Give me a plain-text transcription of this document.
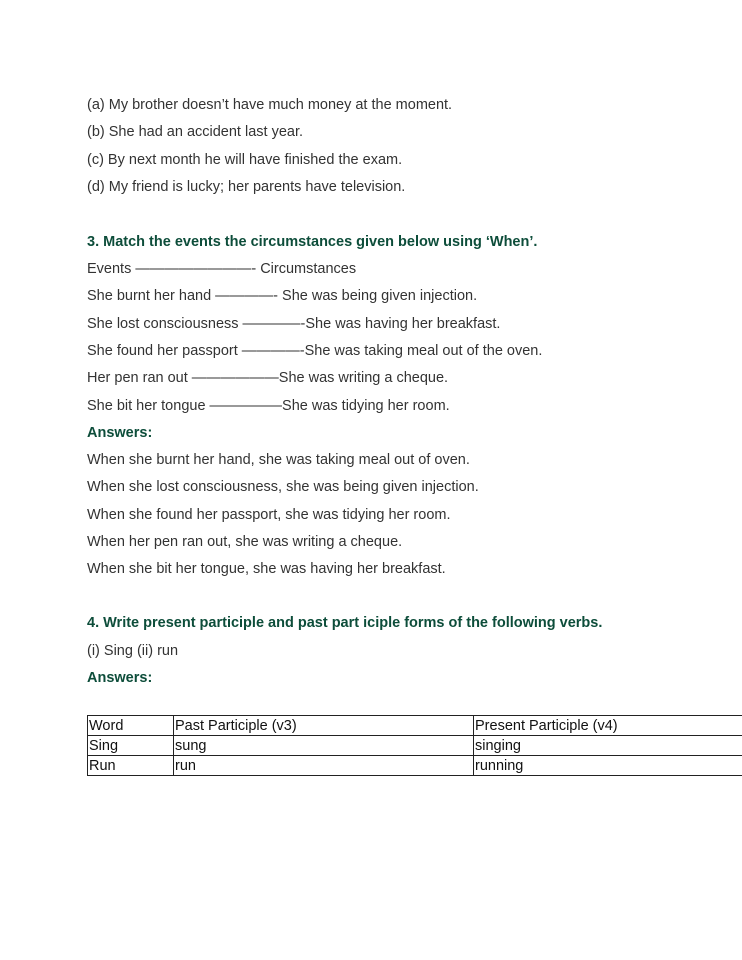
(a) My brother doesn’t have much money at the moment.
(b) She had an accident last year.
(c) By next month he will have finished the exam.
(d) My friend is lucky; her parents have television.
3. Match the events the circumstances given below using ‘When’.
Events ————————- Circumstances
She burnt her hand ————- She was being given injection.
She lost consciousness ————-She was having her breakfast.
She found her passport ————-She was taking meal out of the oven.
Her pen ran out ——————She was writing a cheque.
She bit her tongue —————She was tidying her room.
Answers:
When she burnt her hand, she was taking meal out of oven.
When she lost consciousness, she was being given injection.
When she found her passport, she was tidying her room.
When her pen ran out, she was writing a cheque.
When she bit her tongue, she was having her breakfast.
4. Write present participle and past part iciple forms of the following verbs.
(i) Sing (ii) run
Answers:
Word	Past Participle (v3)	Present Participle (v4)
Sing	sung	singing
Run	run	running
